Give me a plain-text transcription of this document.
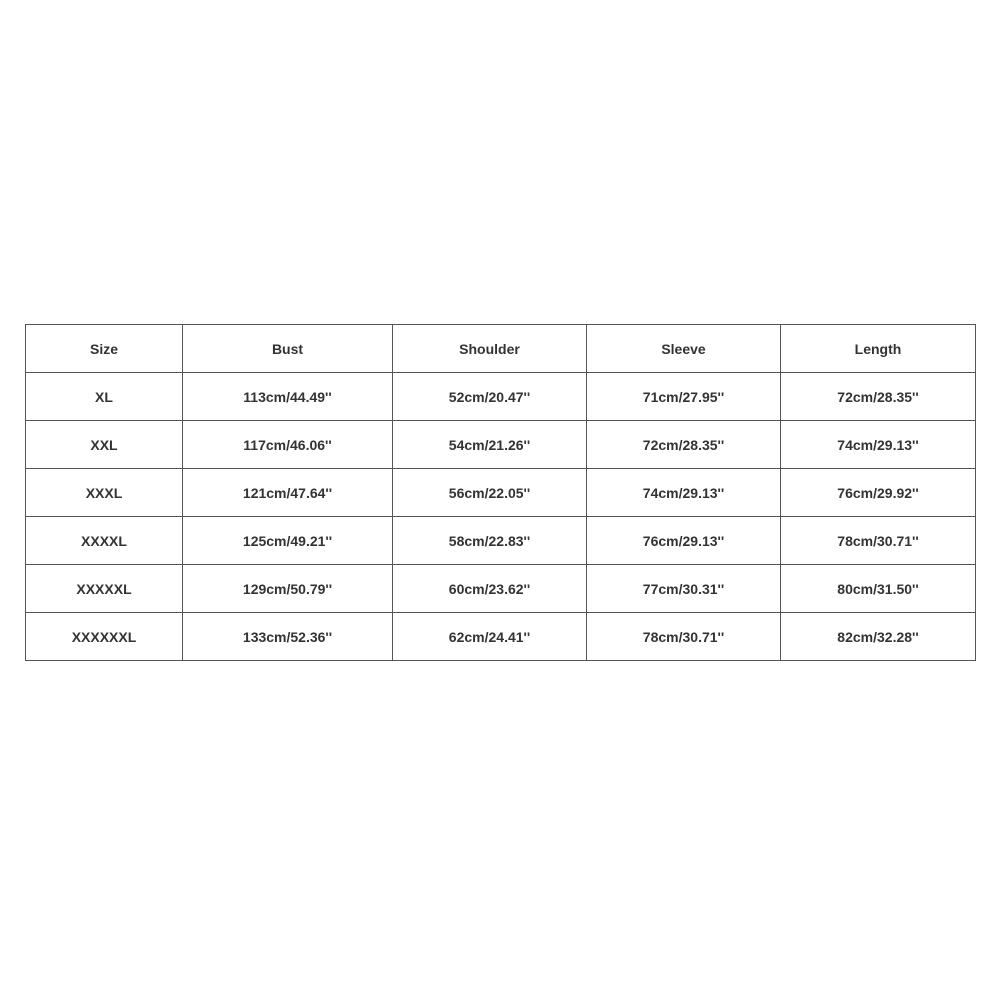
Size	Bust	Shoulder	Sleeve	Length
XL	113cm/44.49''	52cm/20.47''	71cm/27.95''	72cm/28.35''
XXL	117cm/46.06''	54cm/21.26''	72cm/28.35''	74cm/29.13''
XXXL	121cm/47.64''	56cm/22.05''	74cm/29.13''	76cm/29.92''
XXXXL	125cm/49.21''	58cm/22.83''	76cm/29.13''	78cm/30.71''
XXXXXL	129cm/50.79''	60cm/23.62''	77cm/30.31''	80cm/31.50''
XXXXXXL	133cm/52.36''	62cm/24.41''	78cm/30.71''	82cm/32.28''
